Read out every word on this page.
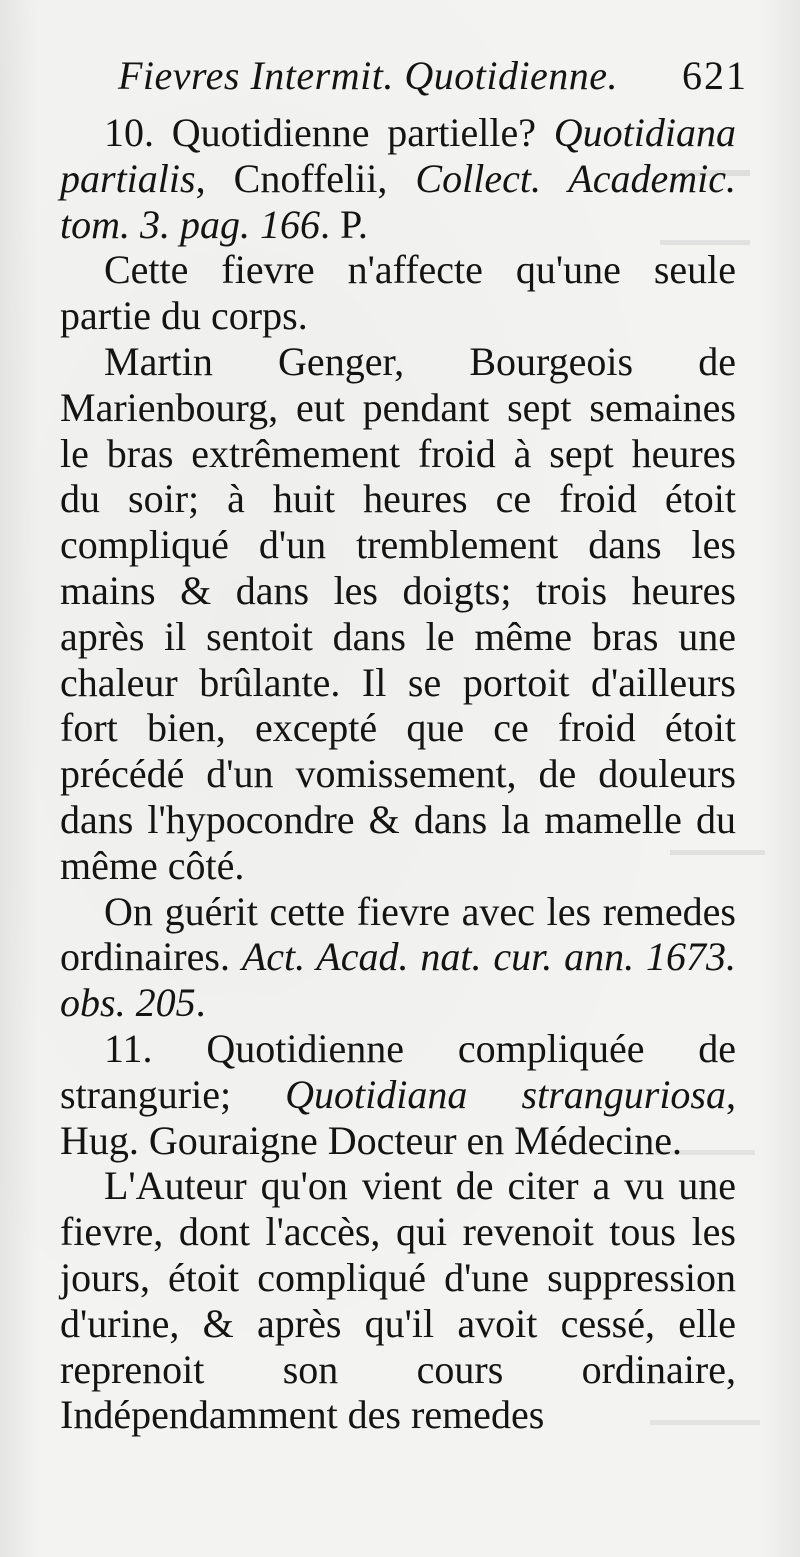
Fievres Intermit. Quotidienne. 621

10. Quotidienne partielle? Quotidiana partialis, Cnoffelii, Collect. Academic. tom. 3. pag. 166. P.

Cette fievre n'affecte qu'une seule partie du corps.

Martin Genger, Bourgeois de Marienbourg, eut pendant sept semaines le bras extrêmement froid à sept heures du soir; à huit heures ce froid étoit compliqué d'un tremblement dans les mains & dans les doigts; trois heures après il sentoit dans le même bras une chaleur brûlante. Il se portoit d'ailleurs fort bien, excepté que ce froid étoit précédé d'un vomissement, de douleurs dans l'hypocondre & dans la mamelle du même côté.

On guérit cette fievre avec les remedes ordinaires. Act. Acad. nat. cur. ann. 1673. obs. 205.

11. Quotidienne compliquée de strangurie; Quotidiana stranguriosa, Hug. Gouraigne Docteur en Médecine.

L'Auteur qu'on vient de citer a vu une fievre, dont l'accès, qui revenoit tous les jours, étoit compliqué d'une suppression d'urine, & après qu'il avoit cessé, elle reprenoit son cours ordinaire, Indépendamment des remedes
